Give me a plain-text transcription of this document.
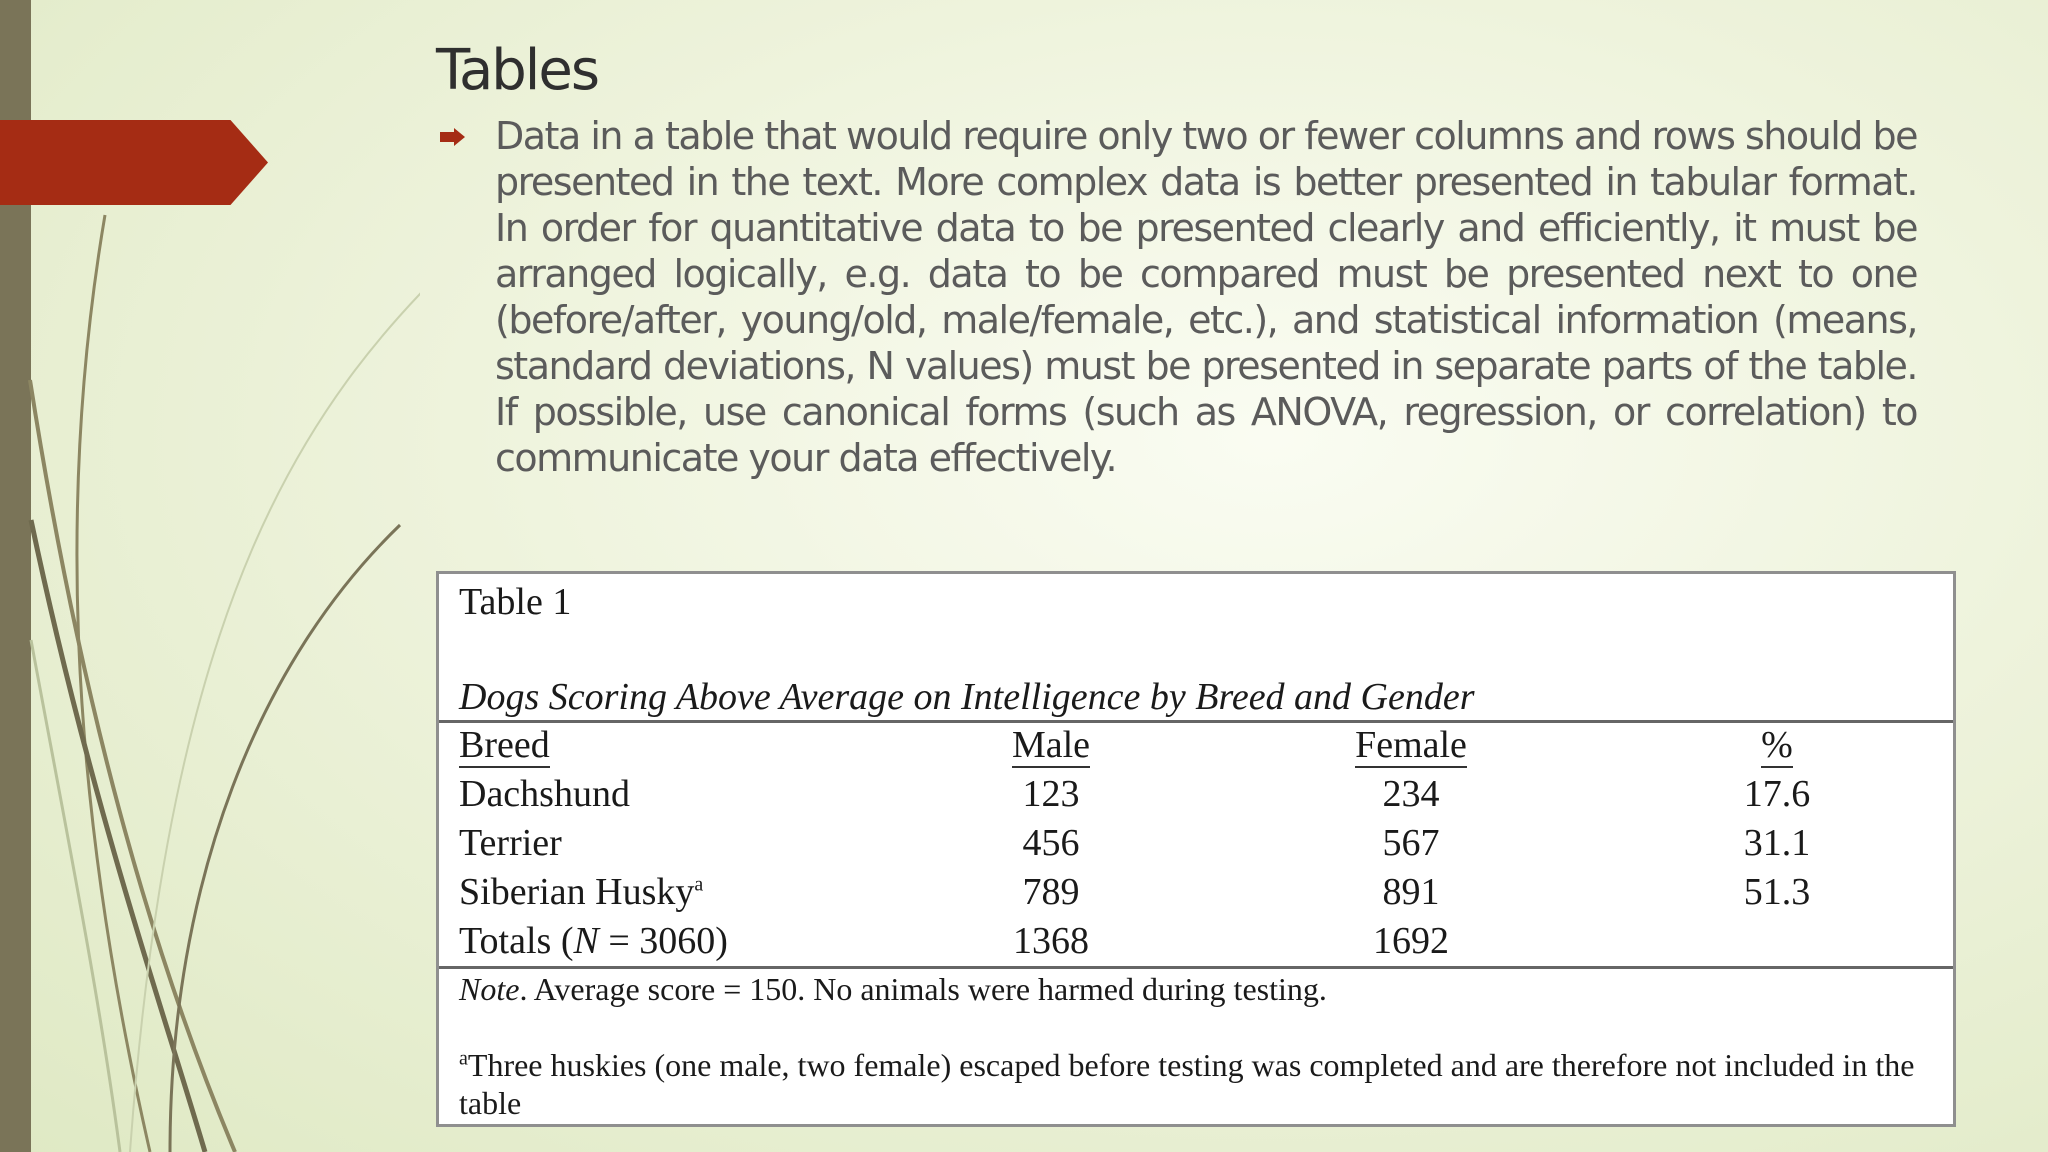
Tables
Data in a table that would require only two or fewer columns and rows should be presented in the text. More complex data is better presented in tabular format. In order for quantitative data to be presented clearly and efficiently, it must be arranged logically, e.g. data to be compared must be presented next to one (before/after, young/old, male/female, etc.), and statistical information (means, standard deviations, N values) must be presented in separate parts of the table. If possible, use canonical forms (such as ANOVA, regression, or correlation) to communicate your data effectively.
Table 1
Dogs Scoring Above Average on Intelligence by Breed and Gender
Breed	Male	Female	%
Dachshund	123	234	17.6
Terrier	456	567	31.1
Siberian Husky$^a$	789	891	51.3
Totals (N = 3060)	1368	1692
Note. Average score = 150. No animals were harmed during testing.
$^a$Three huskies (one male, two female) escaped before testing was completed and are therefore not included in the table
